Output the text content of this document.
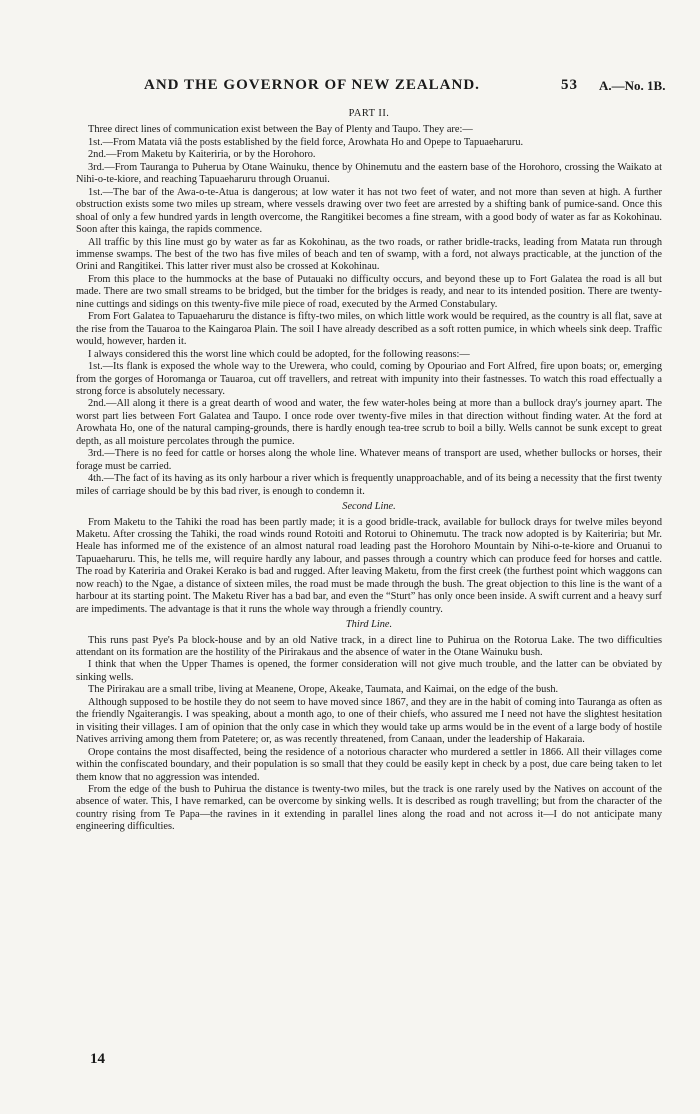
AND THE GOVERNOR OF NEW ZEALAND.	53 A.—No. 1B.

PART II.

Three direct lines of communication exist between the Bay of Plenty and Taupo. They are:—

1st.—From Matata viâ the posts established by the field force, Arowhata Ho and Opepe to Tapuaeharuru.

2nd.—From Maketu by Kaiteriria, or by the Horohoro.

3rd.—From Tauranga to Puherua by Otane Wainuku, thence by Ohinemutu and the eastern base of the Horohoro, crossing the Waikato at Nihi-o-te-kiore, and reaching Tapuaeharuru through Oruanui.

1st.—The bar of the Awa-o-te-Atua is dangerous; at low water it has not two feet of water, and not more than seven at high. A further obstruction exists some two miles up stream, where vessels drawing over two feet are arrested by a shifting bank of pumice-sand. Once this shoal of only a few hundred yards in length overcome, the Rangitikei becomes a fine stream, with a good body of water as far as Kokohinau. Soon after this kainga, the rapids commence.

All traffic by this line must go by water as far as Kokohinau, as the two roads, or rather bridle-tracks, leading from Matata run through immense swamps. The best of the two has five miles of beach and ten of swamp, with a ford, not always practicable, at the junction of the Orini and Rangitikei. This latter river must also be crossed at Kokohinau.

From this place to the hummocks at the base of Putauaki no difficulty occurs, and beyond these up to Fort Galatea the road is all but made. There are two small streams to be bridged, but the timber for the bridges is ready, and near to its intended position. There are twenty-nine cuttings and sidings on this twenty-five mile piece of road, executed by the Armed Constabulary.

From Fort Galatea to Tapuaeharuru the distance is fifty-two miles, on which little work would be required, as the country is all flat, save at the rise from the Tauaroa to the Kaingaroa Plain. The soil I have already described as a soft rotten pumice, in which wheels sink deep. Traffic would, however, harden it.

I always considered this the worst line which could be adopted, for the following reasons:—

1st.—Its flank is exposed the whole way to the Urewera, who could, coming by Opouriao and Fort Alfred, fire upon boats; or, emerging from the gorges of Horomanga or Tauaroa, cut off travellers, and retreat with impunity into their fastnesses. To watch this road effectually a strong force is absolutely necessary.

2nd.—All along it there is a great dearth of wood and water, the few water-holes being at more than a bullock dray's journey apart. The worst part lies between Fort Galatea and Taupo. I once rode over twenty-five miles in that direction without finding water. At the ford at Arowhata Ho, one of the natural camping-grounds, there is hardly enough tea-tree scrub to boil a billy. Wells cannot be sunk except to great depth, as all moisture percolates through the pumice.

3rd.—There is no feed for cattle or horses along the whole line. Whatever means of transport are used, whether bullocks or horses, their forage must be carried.

4th.—The fact of its having as its only harbour a river which is frequently unapproachable, and of its being a necessity that the first twenty miles of carriage should be by this bad river, is enough to condemn it.

Second Line.

From Maketu to the Tahiki the road has been partly made; it is a good bridle-track, available for bullock drays for twelve miles beyond Maketu. After crossing the Tahiki, the road winds round Rotoiti and Rotorui to Ohinemutu. The track now adopted is by Kaiteriria; but Mr. Heale has informed me of the existence of an almost natural road leading past the Horohoro Mountain by Nihi-o-te-kiore and Oruanui to Tapuaeharuru. This, he tells me, will require hardly any labour, and passes through a country which can produce feed for horses and cattle. The road by Kateriria and Orakei Kerako is bad and rugged. After leaving Maketu, from the first creek (the furthest point which waggons can now reach) to the Ngae, a distance of sixteen miles, the road must be made through the bush. The great objection to this line is the want of a harbour at its starting point. The Maketu River has a bad bar, and even the “Sturt” has only once been inside. A swift current and a heavy surf are impediments. The advantage is that it runs the whole way through a friendly country.

Third Line.

This runs past Pye's Pa block-house and by an old Native track, in a direct line to Puhirua on the Rotorua Lake. The two difficulties attendant on its formation are the hostility of the Pirirakaus and the absence of water in the Otane Wainuku bush.

I think that when the Upper Thames is opened, the former consideration will not give much trouble, and the latter can be obviated by sinking wells.

The Pirirakau are a small tribe, living at Meanene, Orope, Akeake, Taumata, and Kaimai, on the edge of the bush.

Although supposed to be hostile they do not seem to have moved since 1867, and they are in the habit of coming into Tauranga as often as the friendly Ngaiterangis. I was speaking, about a month ago, to one of their chiefs, who assured me I need not have the slightest hesitation in visiting their villages. I am of opinion that the only case in which they would take up arms would be in the event of a large body of hostile Natives arriving among them from Patetere; or, as was recently threatened, from Canaan, under the leadership of Hakaraia.

Orope contains the most disaffected, being the residence of a notorious character who murdered a settler in 1866. All their villages come within the confiscated boundary, and their population is so small that they could be easily kept in check by a post, due care being taken to let them know that no aggression was intended.

From the edge of the bush to Puhirua the distance is twenty-two miles, but the track is one rarely used by the Natives on account of the absence of water. This, I have remarked, can be overcome by sinking wells. It is described as rough travelling; but from the character of the country rising from Te Papa—the ravines in it extending in parallel lines along the road and not across it—I do not anticipate many engineering difficulties.

14
